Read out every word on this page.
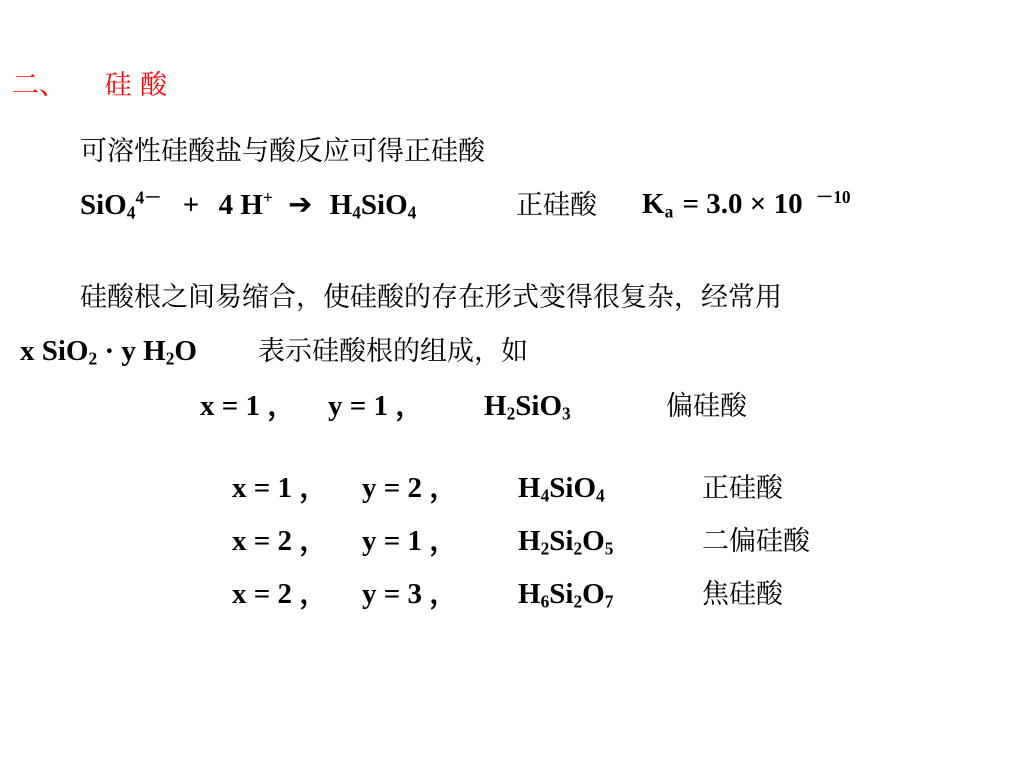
二、 硅 酸
可溶性硅酸盐与酸反应可得正硅酸
SiO$_4^{4-}$ + 4 H+ ➔ $H_4SiO_4$	正硅酸 $K_a = 3.0 \times 10$ $^{-10}$
硅酸根之间易缩合，使硅酸的存在形式变得很复杂，经常用
x SiO$_2$ · y $H_2O$ 表示硅酸根的组成，如
x = 1 ， y = 1 ， $H_2SiO_3$	偏硅酸
x = 1 ， y = 2 ， $H_4SiO_4$	正硅酸
x = 2 ， y = 1 ， $H_2Si_2O_5$	二偏硅酸
x = 2 ， y = 3 ， $H_6Si_2O_7$	焦硅酸
